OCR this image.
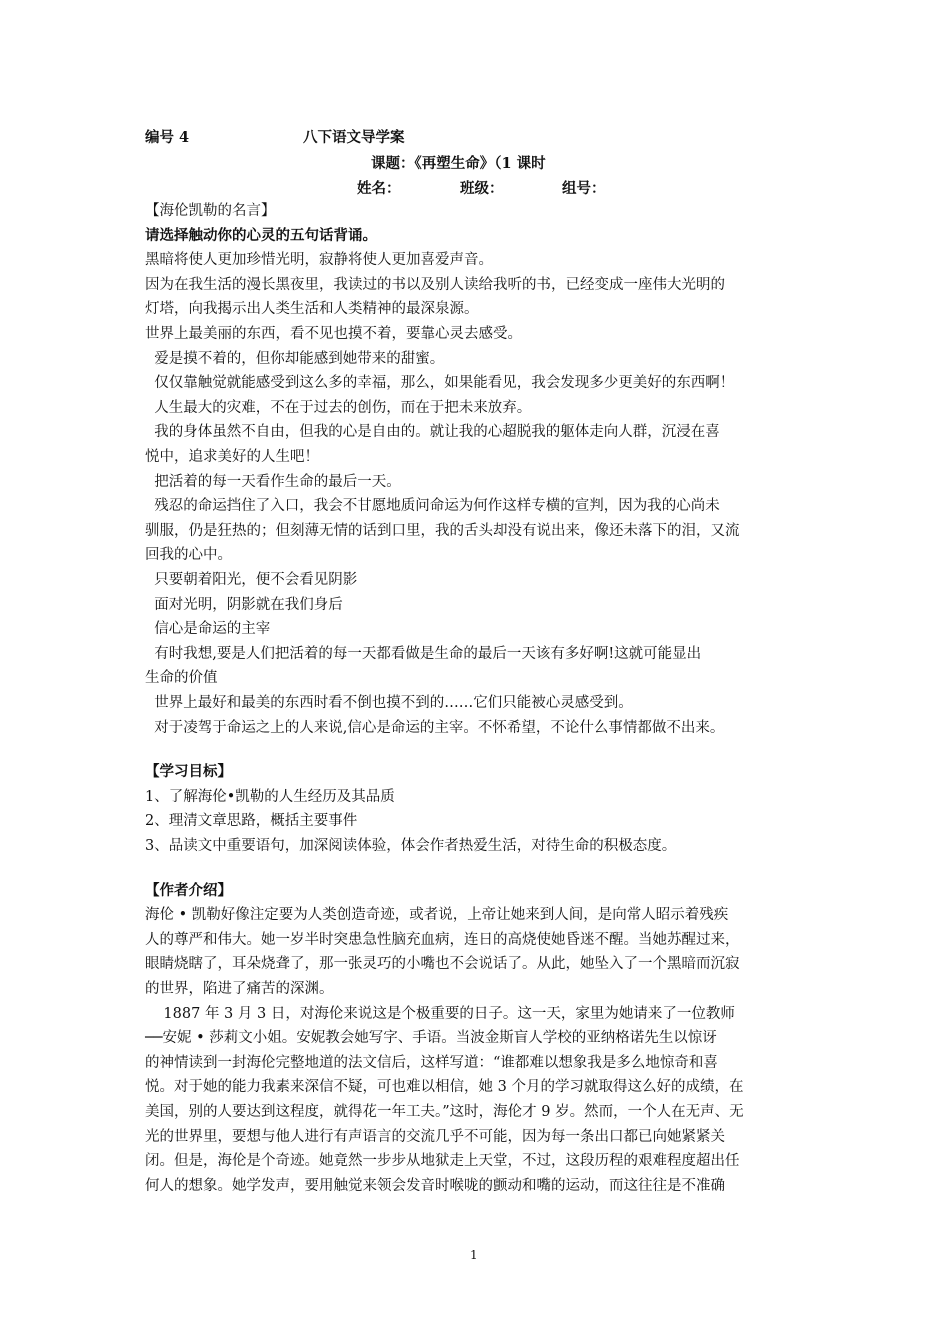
编号 4	八下语文导学案
课题：《再塑生命》（1 课时
姓名：	班级：	组号：
【海伦凯勒的名言】
请选择触动你的心灵的五句话背诵。
黑暗将使人更加珍惜光明，寂静将使人更加喜爱声音。
因为在我生活的漫长黑夜里，我读过的书以及别人读给我听的书，已经变成一座伟大光明的
灯塔，向我揭示出人类生活和人类精神的最深泉源。
世界上最美丽的东西，看不见也摸不着，要靠心灵去感受。
爱是摸不着的，但你却能感到她带来的甜蜜。
仅仅靠触觉就能感受到这么多的幸福，那么，如果能看见，我会发现多少更美好的东西啊！
人生最大的灾难，不在于过去的创伤，而在于把未来放弃。
我的身体虽然不自由，但我的心是自由的。就让我的心超脱我的躯体走向人群，沉浸在喜
悦中，追求美好的人生吧！
把活着的每一天看作生命的最后一天。
残忍的命运挡住了入口，我会不甘愿地质问命运为何作这样专横的宣判，因为我的心尚未
驯服，仍是狂热的；但刻薄无情的话到口里，我的舌头却没有说出来，像还未落下的泪，又流
回我的心中。
只要朝着阳光，便不会看见阴影
面对光明，阴影就在我们身后
信心是命运的主宰
有时我想,要是人们把活着的每一天都看做是生命的最后一天该有多好啊!这就可能显出
生命的价值
世界上最好和最美的东西时看不倒也摸不到的……它们只能被心灵感受到。
对于凌驾于命运之上的人来说,信心是命运的主宰。不怀希望，不论什么事情都做不出来。
【学习目标】
1、了解海伦•凯勒的人生经历及其品质
2、理清文章思路，概括主要事件
3、品读文中重要语句，加深阅读体验，体会作者热爱生活，对待生命的积极态度。
【作者介绍】
海伦 • 凯勒好像注定要为人类创造奇迹，或者说，上帝让她来到人间，是向常人昭示着残疾
人的尊严和伟大。她一岁半时突患急性脑充血病，连日的高烧使她昏迷不醒。当她苏醒过来，
眼睛烧瞎了，耳朵烧聋了，那一张灵巧的小嘴也不会说话了。从此，她坠入了一个黑暗而沉寂
的世界，陷进了痛苦的深渊。
1887 年 3 月 3 日，对海伦来说这是个极重要的日子。这一天，家里为她请来了一位教师
──安妮 • 莎莉文小姐。安妮教会她写字、手语。当波金斯盲人学校的亚纳格诺先生以惊讶
的神情读到一封海伦完整地道的法文信后，这样写道：“谁都难以想象我是多么地惊奇和喜
悦。对于她的能力我素来深信不疑，可也难以相信，她 3 个月的学习就取得这么好的成绩，在
美国，别的人要达到这程度，就得花一年工夫。”这时，海伦才 9 岁。然而，一个人在无声、无
光的世界里，要想与他人进行有声语言的交流几乎不可能，因为每一条出口都已向她紧紧关
闭。但是，海伦是个奇迹。她竟然一步步从地狱走上天堂，不过，这段历程的艰难程度超出任
何人的想象。她学发声，要用触觉来领会发音时喉咙的颤动和嘴的运动，而这往往是不准确
1
